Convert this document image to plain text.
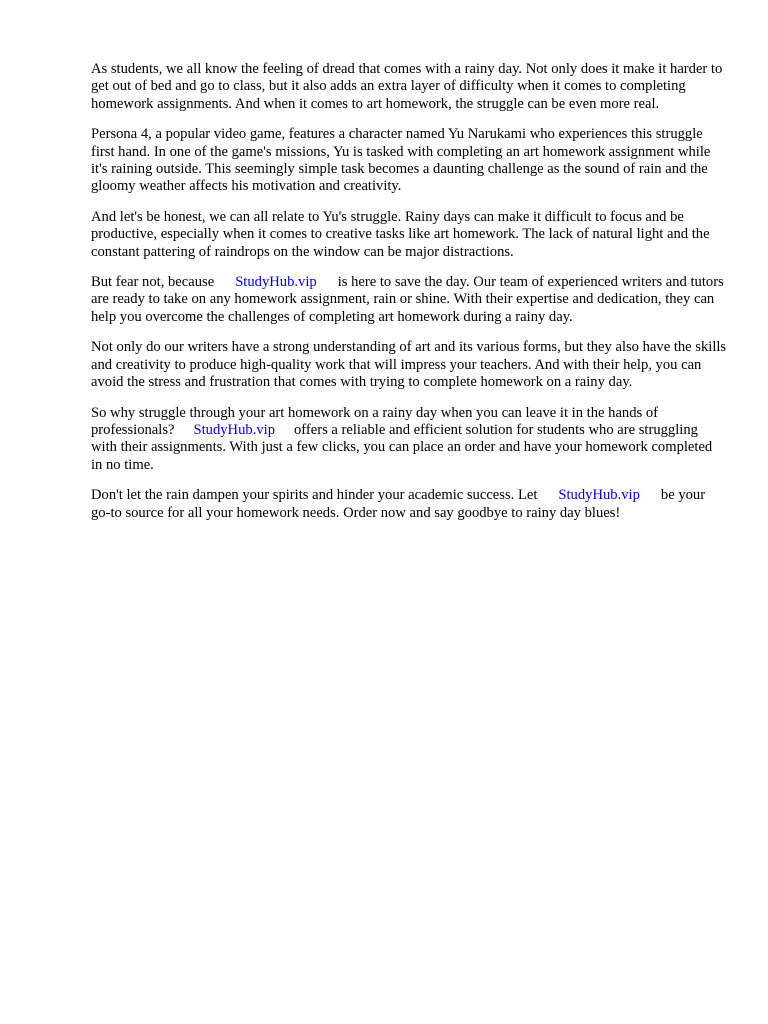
As students, we all know the feeling of dread that comes with a rainy day. Not only does it make it harder to get out of bed and go to class, but it also adds an extra layer of difficulty when it comes to completing homework assignments. And when it comes to art homework, the struggle can be even more real.

Persona 4, a popular video game, features a character named Yu Narukami who experiences this struggle first hand. In one of the game's missions, Yu is tasked with completing an art homework assignment while it's raining outside. This seemingly simple task becomes a daunting challenge as the sound of rain and the gloomy weather affects his motivation and creativity.

And let's be honest, we can all relate to Yu's struggle. Rainy days can make it difficult to focus and be productive, especially when it comes to creative tasks like art homework. The lack of natural light and the constant pattering of raindrops on the window can be major distractions.

But fear not, because StudyHub.vip is here to save the day. Our team of experienced writers and tutors are ready to take on any homework assignment, rain or shine. With their expertise and dedication, they can help you overcome the challenges of completing art homework during a rainy day.

Not only do our writers have a strong understanding of art and its various forms, but they also have the skills and creativity to produce high-quality work that will impress your teachers. And with their help, you can avoid the stress and frustration that comes with trying to complete homework on a rainy day.

So why struggle through your art homework on a rainy day when you can leave it in the hands of professionals? StudyHub.vip offers a reliable and efficient solution for students who are struggling with their assignments. With just a few clicks, you can place an order and have your homework completed in no time.

Don't let the rain dampen your spirits and hinder your academic success. Let StudyHub.vip be your go-to source for all your homework needs. Order now and say goodbye to rainy day blues!
